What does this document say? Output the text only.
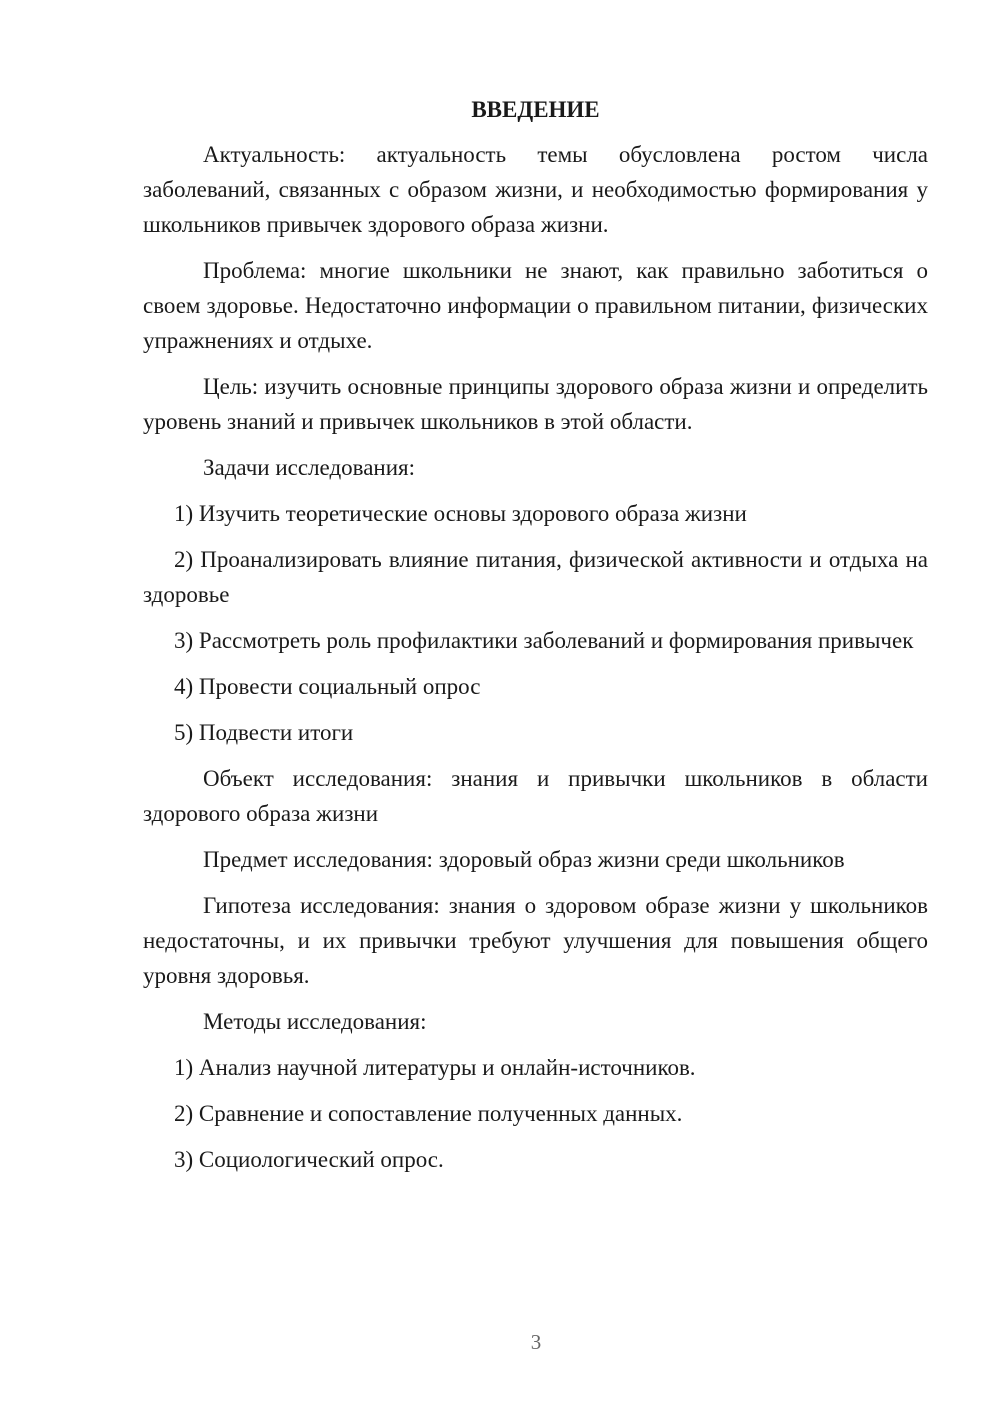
ВВЕДЕНИЕ

Актуальность: актуальность темы обусловлена ростом числа заболеваний, связанных с образом жизни, и необходимостью формирования у школьников привычек здорового образа жизни.

Проблема: многие школьники не знают, как правильно заботиться о своем здоровье. Недостаточно информации о правильном питании, физических упражнениях и отдыхе.

Цель: изучить основные принципы здорового образа жизни и определить уровень знаний и привычек школьников в этой области.

Задачи исследования:

1) Изучить теоретические основы здорового образа жизни

2) Проанализировать влияние питания, физической активности и отдыха на здоровье

3) Рассмотреть роль профилактики заболеваний и формирования привычек

4) Провести социальный опрос

5) Подвести итоги

Объект исследования: знания и привычки школьников в области здорового образа жизни

Предмет исследования: здоровый образ жизни среди школьников

Гипотеза исследования: знания о здоровом образе жизни у школьников недостаточны, и их привычки требуют улучшения для повышения общего уровня здоровья.

Методы исследования:

1) Анализ научной литературы и онлайн-источников.

2) Сравнение и сопоставление полученных данных.

3) Социологический опрос.

3
